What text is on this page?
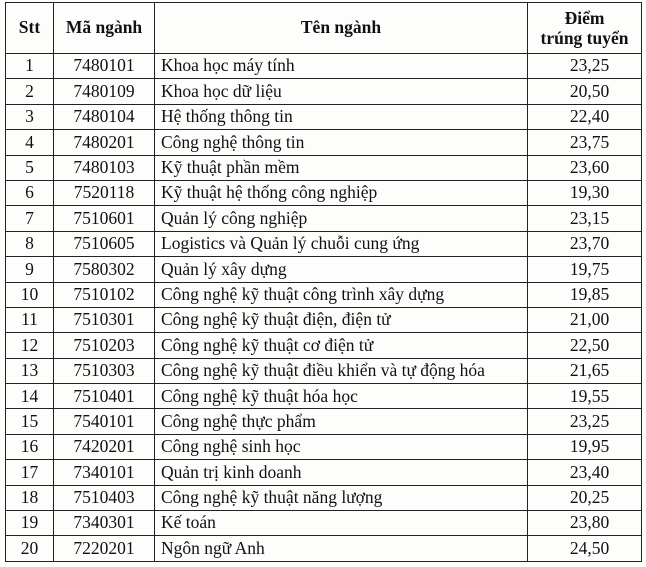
Stt	Mã ngành	Tên ngành	Điểm
trúng tuyển
1	7480101	Khoa học máy tính	23,25
2	7480109	Khoa học dữ liệu	20,50
3	7480104	Hệ thống thông tin	22,40
4	7480201	Công nghệ thông tin	23,75
5	7480103	Kỹ thuật phần mềm	23,60
6	7520118	Kỹ thuật hệ thống công nghiệp	19,30
7	7510601	Quản lý công nghiệp	23,15
8	7510605	Logistics và Quản lý chuỗi cung ứng	23,70
9	7580302	Quản lý xây dựng	19,75
10	7510102	Công nghệ kỹ thuật công trình xây dựng	19,85
11	7510301	Công nghệ kỹ thuật điện, điện tử	21,00
12	7510203	Công nghệ kỹ thuật cơ điện tử	22,50
13	7510303	Công nghệ kỹ thuật điều khiển và tự động hóa	21,65
14	7510401	Công nghệ kỹ thuật hóa học	19,55
15	7540101	Công nghệ thực phẩm	23,25
16	7420201	Công nghệ sinh học	19,95
17	7340101	Quản trị kinh doanh	23,40
18	7510403	Công nghệ kỹ thuật năng lượng	20,25
19	7340301	Kế toán	23,80
20	7220201	Ngôn ngữ Anh	24,50
